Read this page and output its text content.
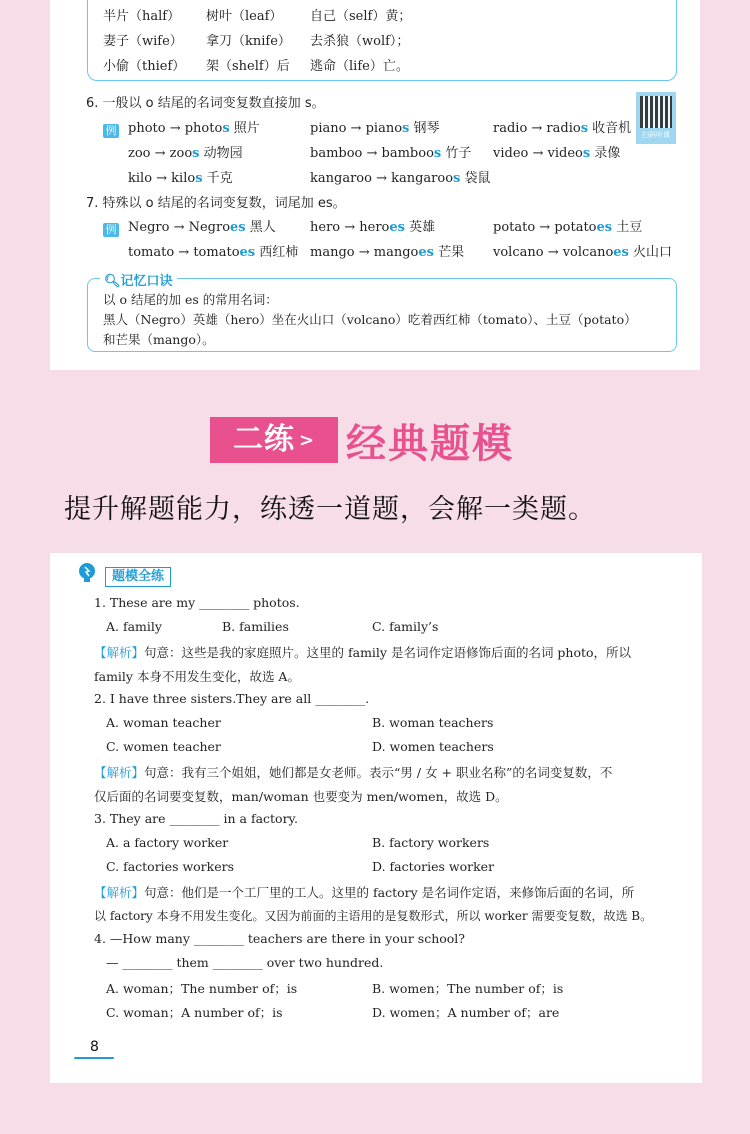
半片（half） 树叶（leaf） 自己（self）黄；
妻子（wife） 拿刀（knife） 去杀狼（wolf）；
小偷（thief） 架（shelf）后 逃命（life）亡。
6. 一般以 o 结尾的名词变复数直接加 s。
扫码听课
例 photo → photos 照片	piano → pianos 钢琴	radio → radios 收音机
zoo → zoos 动物园	bamboo → bamboos 竹子 video → videos 录像
kilo → kilos 千克	kangaroo → kangaroos 袋鼠
7. 特殊以 o 结尾的名词变复数，词尾加 es。
例 Negro → Negroes 黑人	hero → heroes 英雄	potato → potatoes 土豆
tomato → tomatoes 西红柿 mango → mangoes 芒果 volcano → volcanoes 火山口
🔍︎记忆口诀
以 o 结尾的加 es 的常用名词：
黑人（Negro）英雄（hero）坐在火山口（volcano）吃着西红柿（tomato）、土豆（potato）
和芒果（mango）。
二练 > 经典题模
提升解题能力，练透一道题，会解一类题。
题模全练
1. These are my ________ photos.
A. family	B. families	C. family’s
【解析】句意：这些是我的家庭照片。这里的 family 是名词作定语修饰后面的名词 photo，所以
family 本身不用发生变化，故选 A。
2. I have three sisters.They are all ________.
A. woman teacher	B. woman teachers
C. women teacher	D. women teachers
【解析】句意：我有三个姐姐，她们都是女老师。表示“男 / 女 + 职业名称”的名词变复数，不
仅后面的名词要变复数，man/woman 也要变为 men/women，故选 D。
3. They are ________ in a factory.
A. a factory worker	B. factory workers
C. factories workers	D. factories worker
【解析】句意：他们是一个工厂里的工人。这里的 factory 是名词作定语，来修饰后面的名词，所
以 factory 本身不用发生变化。又因为前面的主语用的是复数形式，所以 worker 需要变复数，故选 B。
4. —How many ________ teachers are there in your school?
— ________ them ________ over two hundred.
A. woman；The number of；is	B. women；The number of；is
C. woman；A number of；is	D. women；A number of；are
8
